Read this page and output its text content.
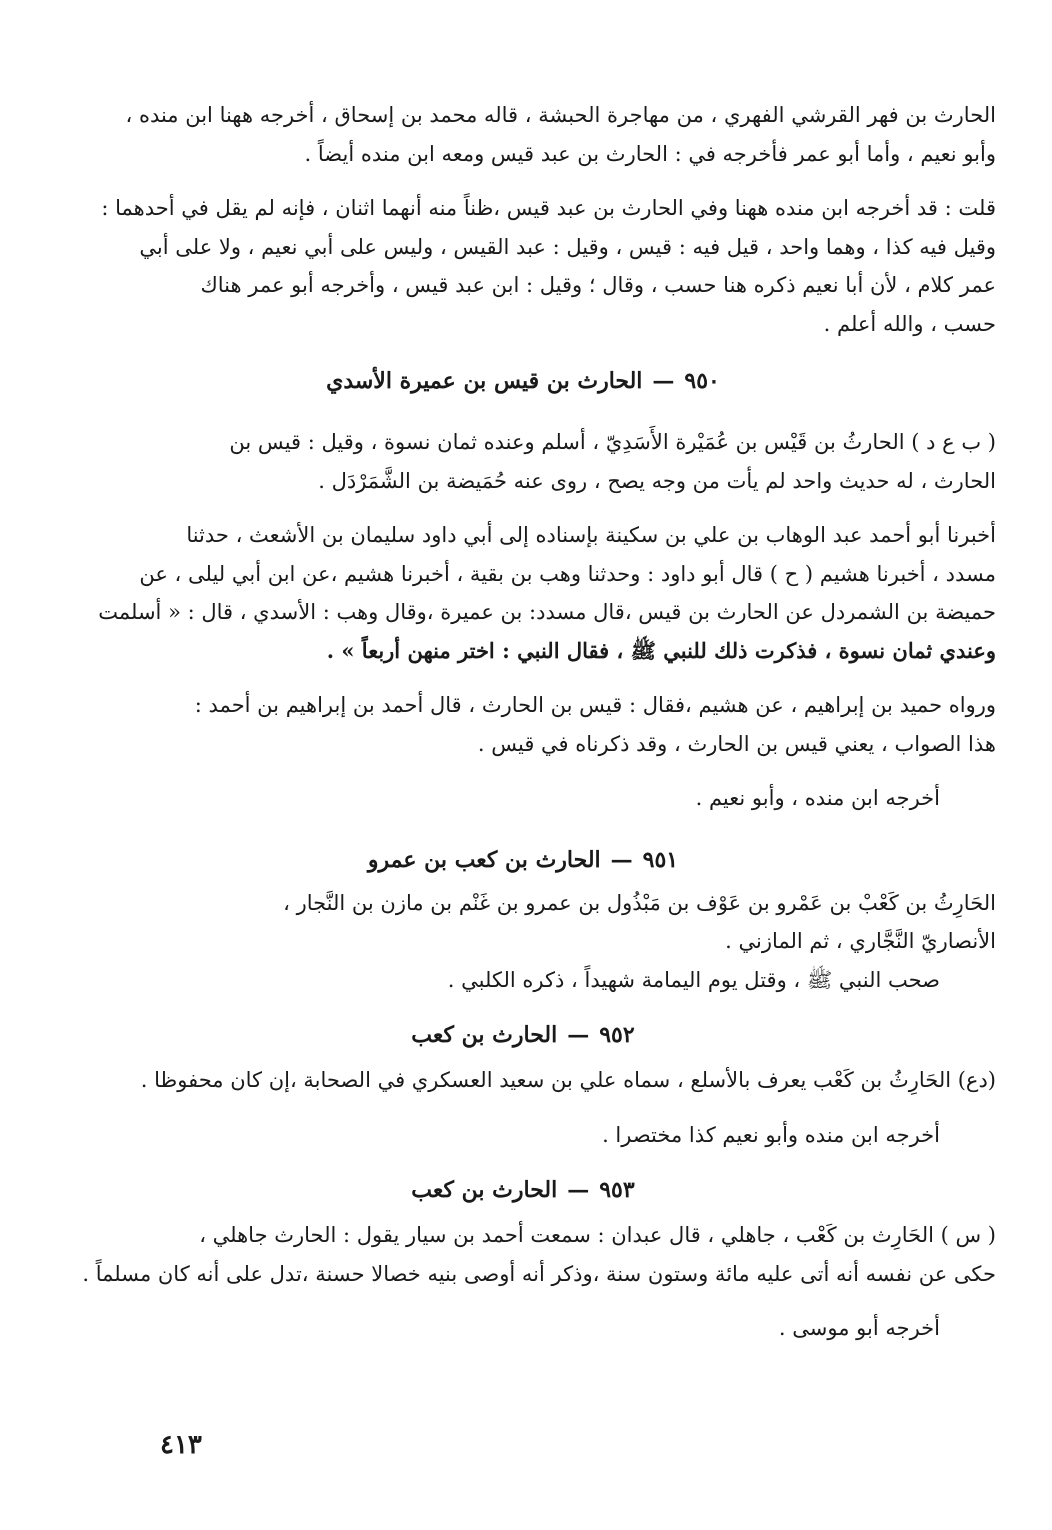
الحارث بن فهر القرشي الفهري ، من مهاجرة الحبشة ، قاله محمد بن إسحاق ، أخرجه ههنا ابن منده ،

وأبو نعيم ، وأما أبو عمر فأخرجه في : الحارث بن عبد قيس ومعه ابن منده أيضاً .

قلت : قد أخرجه ابن منده ههنا وفي الحارث بن عبد قيس ،ظناً منه أنهما اثنان ، فإنه لم يقل في أحدهما :

وقيل فيه كذا ، وهما واحد ، قيل فيه : قيس ، وقيل : عبد القيس ، وليس على أبي نعيم ، ولا على أبي

عمر كلام ، لأن أبا نعيم ذكره هنا حسب ، وقال ؛ وقيل : ابن عبد قيس ، وأخرجه أبو عمر هناك

حسب ، والله أعلم .

٩٥٠—الحارث بن قيس بن عميرة الأسدي

( ب ع د ) الحارثُ بن قَيْس بن عُمَيْرة الأَسَدِيّ ، أسلم وعنده ثمان نسوة ، وقيل : قيس بن

الحارث ، له حديث واحد لم يأت من وجه يصح ، روى عنه حُمَيضة بن الشَّمَرْدَل .

أخبرنا أبو أحمد عبد الوهاب بن علي بن سكينة بإسناده إلى أبي داود سليمان بن الأشعث ، حدثنا

مسدد ، أخبرنا هشيم ( ح ) قال أبو داود : وحدثنا وهب بن بقية ، أخبرنا هشيم ،عن ابن أبي ليلى ، عن

حميضة بن الشمردل عن الحارث بن قيس ،قال مسدد: بن عميرة ،وقال وهب : الأسدي ، قال : « أسلمت

وعندي ثمان نسوة ، فذكرت ذلك للنبي ﷺ ، فقال النبي : اختر منهن أربعاً » .

ورواه حميد بن إبراهيم ، عن هشيم ،فقال : قيس بن الحارث ، قال أحمد بن إبراهيم بن أحمد :

هذا الصواب ، يعني قيس بن الحارث ، وقد ذكرناه في قيس .

أخرجه ابن منده ، وأبو نعيم .

٩٥١—الحارث بن كعب بن عمرو

الحَارِثُ بن كَعْبْ بن عَمْرو بن عَوْف بن مَبْذُول بن عمرو بن غَنْم بن مازن بن النَّجار ،

الأنصاريّ النَّجَّاري ، ثم المازني .

صحب النبي ﷺ ، وقتل يوم اليمامة شهيداً ، ذكره الكلبي .

٩٥٢—الحارث بن كعب

(دع) الحَارِثُ بن كَعْب يعرف بالأسلع ، سماه علي بن سعيد العسكري في الصحابة ،إن كان محفوظا .

أخرجه ابن منده وأبو نعيم كذا مختصرا .

٩٥٣—الحارث بن كعب

( س ) الحَارِث بن كَعْب ، جاهلي ، قال عبدان : سمعت أحمد بن سيار يقول : الحارث جاهلي ،

حكى عن نفسه أنه أتى عليه مائة وستون سنة ،وذكر أنه أوصى بنيه خصالا حسنة ،تدل على أنه كان مسلماً .

أخرجه أبو موسى .

٤١٣
